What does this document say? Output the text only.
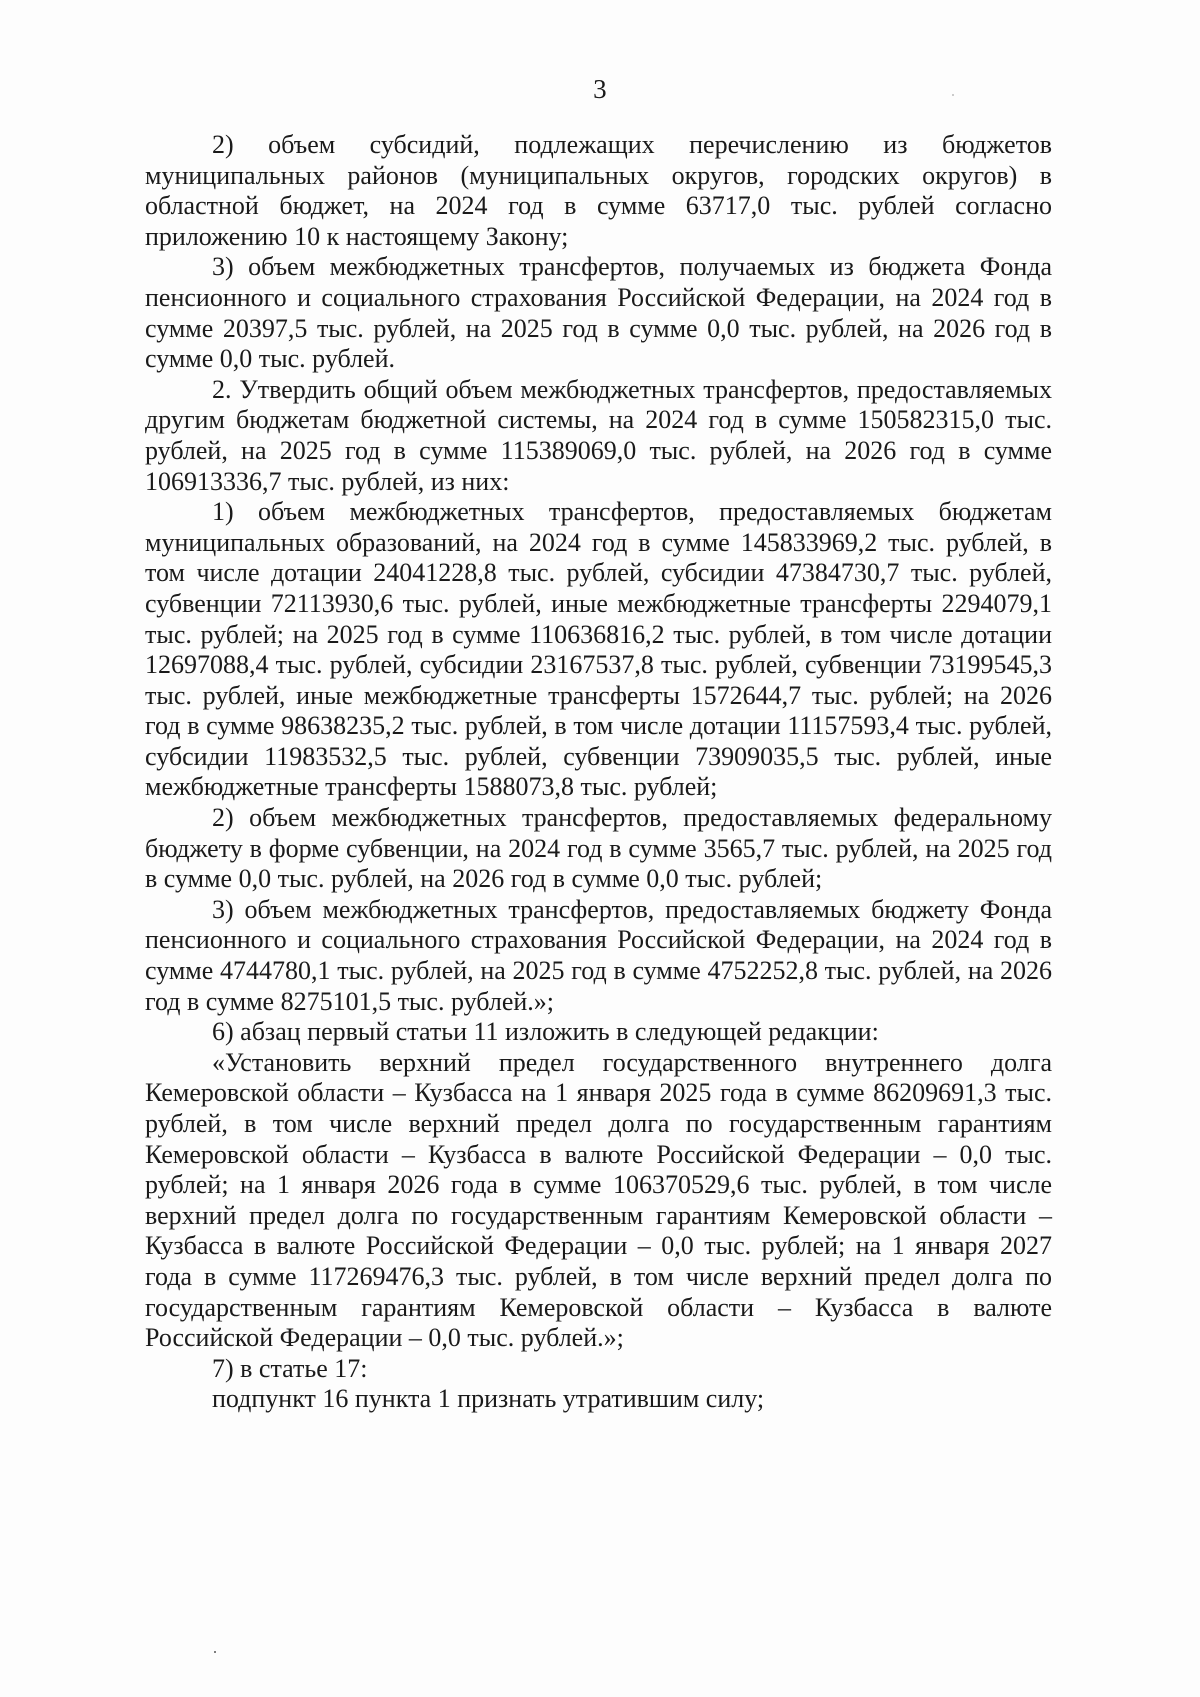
3

2) объем субсидий, подлежащих перечислению из бюджетов муниципальных районов (муниципальных округов, городских округов) в областной бюджет, на 2024 год в сумме 63717,0 тыс. рублей согласно приложению 10 к настоящему Закону;

3) объем межбюджетных трансфертов, получаемых из бюджета Фонда пенсионного и социального страхования Российской Федерации, на 2024 год в сумме 20397,5 тыс. рублей, на 2025 год в сумме 0,0 тыс. рублей, на 2026 год в сумме 0,0 тыс. рублей.

2. Утвердить общий объем межбюджетных трансфертов, предоставляемых другим бюджетам бюджетной системы, на 2024 год в сумме 150582315,0 тыс. рублей, на 2025 год в сумме 115389069,0 тыс. рублей, на 2026 год в сумме 106913336,7 тыс. рублей, из них:

1) объем межбюджетных трансфертов, предоставляемых бюджетам муниципальных образований, на 2024 год в сумме 145833969,2 тыс. рублей, в том числе дотации 24041228,8 тыс. рублей, субсидии 47384730,7 тыс. рублей, субвенции 72113930,6 тыс. рублей, иные межбюджетные трансферты 2294079,1 тыс. рублей; на 2025 год в сумме 110636816,2 тыс. рублей, в том числе дотации 12697088,4 тыс. рублей, субсидии 23167537,8 тыс. рублей, субвенции 73199545,3 тыс. рублей, иные межбюджетные трансферты 1572644,7 тыс. рублей; на 2026 год в сумме 98638235,2 тыс. рублей, в том числе дотации 11157593,4 тыс. рублей, субсидии 11983532,5 тыс. рублей, субвенции 73909035,5 тыс. рублей, иные межбюджетные трансферты 1588073,8 тыс. рублей;

2) объем межбюджетных трансфертов, предоставляемых федеральному бюджету в форме субвенции, на 2024 год в сумме 3565,7 тыс. рублей, на 2025 год в сумме 0,0 тыс. рублей, на 2026 год в сумме 0,0 тыс. рублей;

3) объем межбюджетных трансфертов, предоставляемых бюджету Фонда пенсионного и социального страхования Российской Федерации, на 2024 год в сумме 4744780,1 тыс. рублей, на 2025 год в сумме 4752252,8 тыс. рублей, на 2026 год в сумме 8275101,5 тыс. рублей.»;

6) абзац первый статьи 11 изложить в следующей редакции:

«Установить верхний предел государственного внутреннего долга Кемеровской области – Кузбасса на 1 января 2025 года в сумме 86209691,3 тыс. рублей, в том числе верхний предел долга по государственным гарантиям Кемеровской области – Кузбасса в валюте Российской Федерации – 0,0 тыс. рублей; на 1 января 2026 года в сумме 106370529,6 тыс. рублей, в том числе верхний предел долга по государственным гарантиям Кемеровской области – Кузбасса в валюте Российской Федерации – 0,0 тыс. рублей; на 1 января 2027 года в сумме 117269476,3 тыс. рублей, в том числе верхний предел долга по государственным гарантиям Кемеровской области – Кузбасса в валюте Российской Федерации – 0,0 тыс. рублей.»;

7) в статье 17:

подпункт 16 пункта 1 признать утратившим силу;
